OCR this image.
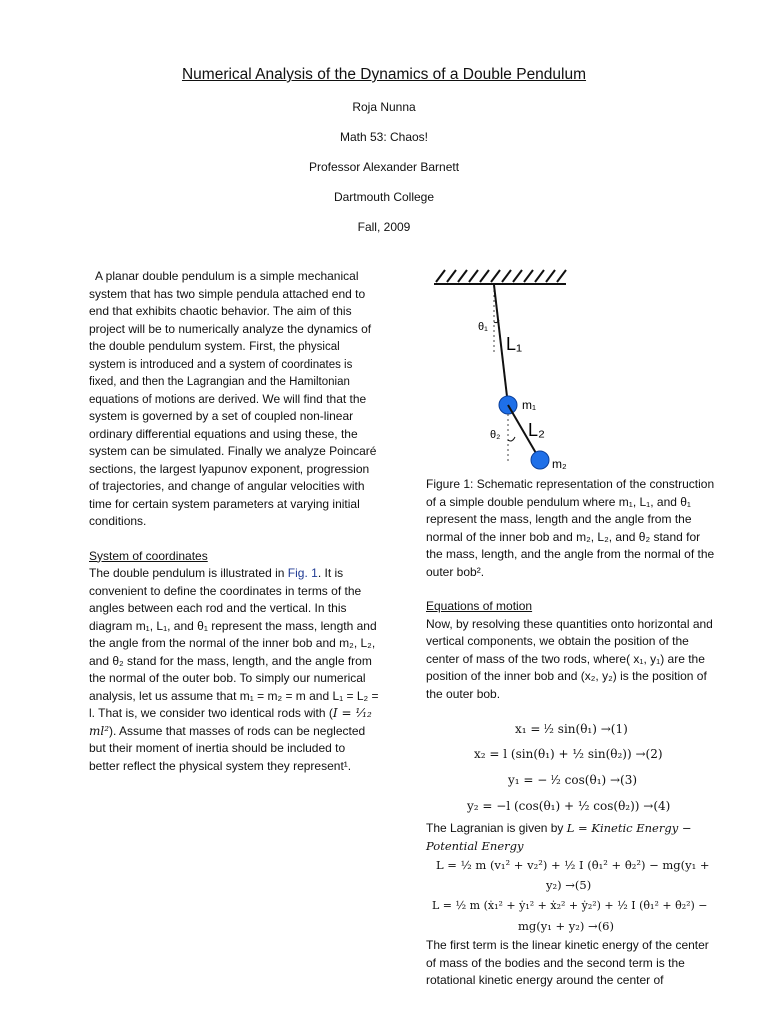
Numerical Analysis of the Dynamics of a Double Pendulum
Roja Nunna
Math 53: Chaos!
Professor Alexander Barnett
Dartmouth College
Fall, 2009

A planar double pendulum is a simple mechanical system that has two simple pendula attached end to end that exhibits chaotic behavior. The aim of this project will be to numerically analyze the dynamics of the double pendulum system. First, the physical system is introduced and a system of coordinates is fixed, and then the Lagrangian and the Hamiltonian equations of motions are derived. We will find that the system is governed by a set of coupled non-linear ordinary differential equations and using these, the system can be simulated. Finally we analyze Poincaré sections, the largest lyapunov exponent, progression of trajectories, and change of angular velocities with time for certain system parameters at varying initial conditions.

System of coordinates

The double pendulum is illustrated in Fig. 1. It is convenient to define the coordinates in terms of the angles between each rod and the vertical. In this diagram m₁, L₁, and θ₁ represent the mass, length and the angle from the normal of the inner bob and m₂, L₂, and θ₂ stand for the mass, length, and the angle from the normal of the outer bob. To simply our numerical analysis, let us assume that m₁ = m₂ = m and L₁ = L₂ = l. That is, we consider two identical rods with (I = ¹⁄₁₂ ml²). Assume that masses of rods can be neglected but their moment of inertia should be included to better reflect the physical system they represent¹.

θ₁
L₁
m₁
θ₂ L₂
m₂
Figure 1: Schematic representation of the construction of a simple double pendulum where m₁, L₁, and θ₁ represent the mass, length and the angle from the normal of the inner bob and m₂, L₂, and θ₂ stand for the mass, length, and the angle from the normal of the outer bob².

Equations of motion

Now, by resolving these quantities onto horizontal and vertical components, we obtain the position of the center of mass of the two rods, where( x₁, y₁) are the position of the inner bob and (x₂, y₂) is the position of the outer bob.

x₁ = ˡ⁄₂ sin(θ₁) →(1)
x₂ = l (sin(θ₁) + ½ sin(θ₂)) →(2)
y₁ = − ˡ⁄₂ cos(θ₁) →(3)
y₂ = −l (cos(θ₁) + ½ cos(θ₂)) →(4)
The Lagranian is given by L = Kinetic Energy − Potential Energy
L = ½ m (v₁² + v₂²) + ½ I (θ̇₁² + θ̇₂²) − mg(y₁ +
y₂) →(5)
L = ½ m (ẋ₁² + ẏ₁² + ẋ₂² + ẏ₂²) + ½ I (θ̇₁² + θ̇₂²) −
mg(y₁ + y₂) →(6)
The first term is the linear kinetic energy of the center of mass of the bodies and the second term is the rotational kinetic energy around the center of
